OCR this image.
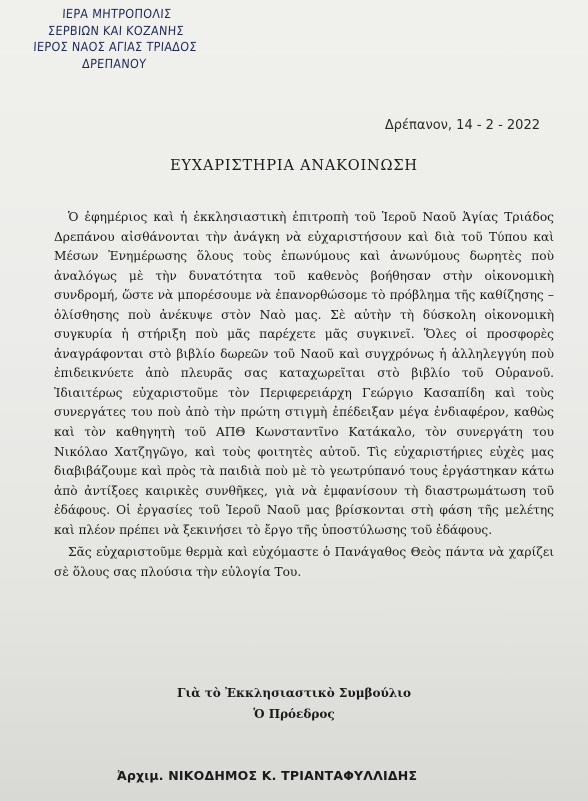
ΙΕΡΑ ΜΗΤΡΟΠΟΛΙΣ
ΣΕΡΒΙΩΝ ΚΑΙ ΚΟΖΑΝΗΣ
ΙΕΡΟΣ ΝΑΟΣ ΑΓΙΑΣ ΤΡΙΑΔΟΣ
ΔΡΕΠΑΝΟΥ
Δρέπανον, 14 - 2 - 2022
ΕΥΧΑΡΙΣΤΗΡΙΑ ΑΝΑΚΟΙΝΩΣΗ

Ὁ ἐφημέριος καὶ ἡ ἐκκλησιαστικὴ ἐπιτροπὴ τοῦ Ἱεροῦ Ναοῦ Ἁγίας Τριάδος Δρεπάνου αἰσθάνονται τὴν ἀνάγκη νὰ εὐχαριστήσουν καὶ διὰ τοῦ Τύπου καὶ Μέσων Ἐνημέρωσης ὅλους τοὺς ἐπωνύμους καὶ ἀνωνύμους δωρητὲς ποὺ ἀναλόγως μὲ τὴν δυνατότητα τοῦ καθενὸς βοήθησαν στὴν οἰκονομικὴ συνδρομή, ὥστε νὰ μπορέσουμε νὰ ἐπανορθώσομε τὸ πρόβλημα τῆς καθίζησης – ὀλίσθησης ποὺ ἀνέκυψε στὸν Ναὸ μας. Σὲ αὐτὴν τὴ δύσκολη οἰκονομικὴ συγκυρία ἡ στήριξη ποὺ μᾶς παρέχετε μᾶς συγκινεῖ. Ὅλες οἱ προσφορὲς ἀναγράφονται στὸ βιβλίο δωρεῶν τοῦ Ναοῦ καὶ συγχρόνως ἡ ἀλληλεγγύη ποὺ ἐπιδεικνύετε ἀπὸ πλευρᾶς σας καταχωρεῖται στὸ βιβλίο τοῦ Οὐρανοῦ. Ἰδιαιτέρως εὐχαριστοῦμε τὸν Περιφερειάρχη Γεώργιο Κασαπίδη καὶ τοὺς συνεργάτες του ποὺ ἀπὸ τὴν πρώτη στιγμὴ ἐπέδειξαν μέγα ἐνδιαφέρον, καθὼς καὶ τὸν καθηγητὴ τοῦ ΑΠΘ Κωνσταντῖνο Κατάκαλο, τὸν συνεργάτη του Νικόλαο Χατζηγῶγο, καὶ τοὺς φοιτητὲς αὐτοῦ. Τὶς εὐχαριστήριες εὐχὲς μας διαβιβάζουμε καὶ πρὸς τὰ παιδιὰ ποὺ μὲ τὸ γεωτρύπανό τους ἐργάστηκαν κάτω ἀπὸ ἀντίξοες καιρικὲς συνθῆκες, γιὰ νὰ ἐμφανίσουν τὴ διαστρωμάτωση τοῦ ἐδάφους. Οἱ ἐργασίες τοῦ Ἱεροῦ Ναοῦ μας βρίσκονται στὴ φάση τῆς μελέτης καὶ πλέον πρέπει νὰ ξεκινήσει τὸ ἔργο τῆς ὑποστύλωσης τοῦ ἐδάφους.

Σᾶς εὐχαριστοῦμε θερμὰ καὶ εὐχόμαστε ὁ Πανάγαθος Θεὸς πάντα νὰ χαρίζει σὲ ὅλους σας πλούσια τὴν εὐλογία Του.

Γιὰ τὸ Ἐκκλησιαστικὸ Συμβούλιο
Ὁ Πρόεδρος
Ἀρχιμ. ΝΙΚΟΔΗΜΟΣ Κ. ΤΡΙΑΝΤΑΦΥΛΛΙΔΗΣ
